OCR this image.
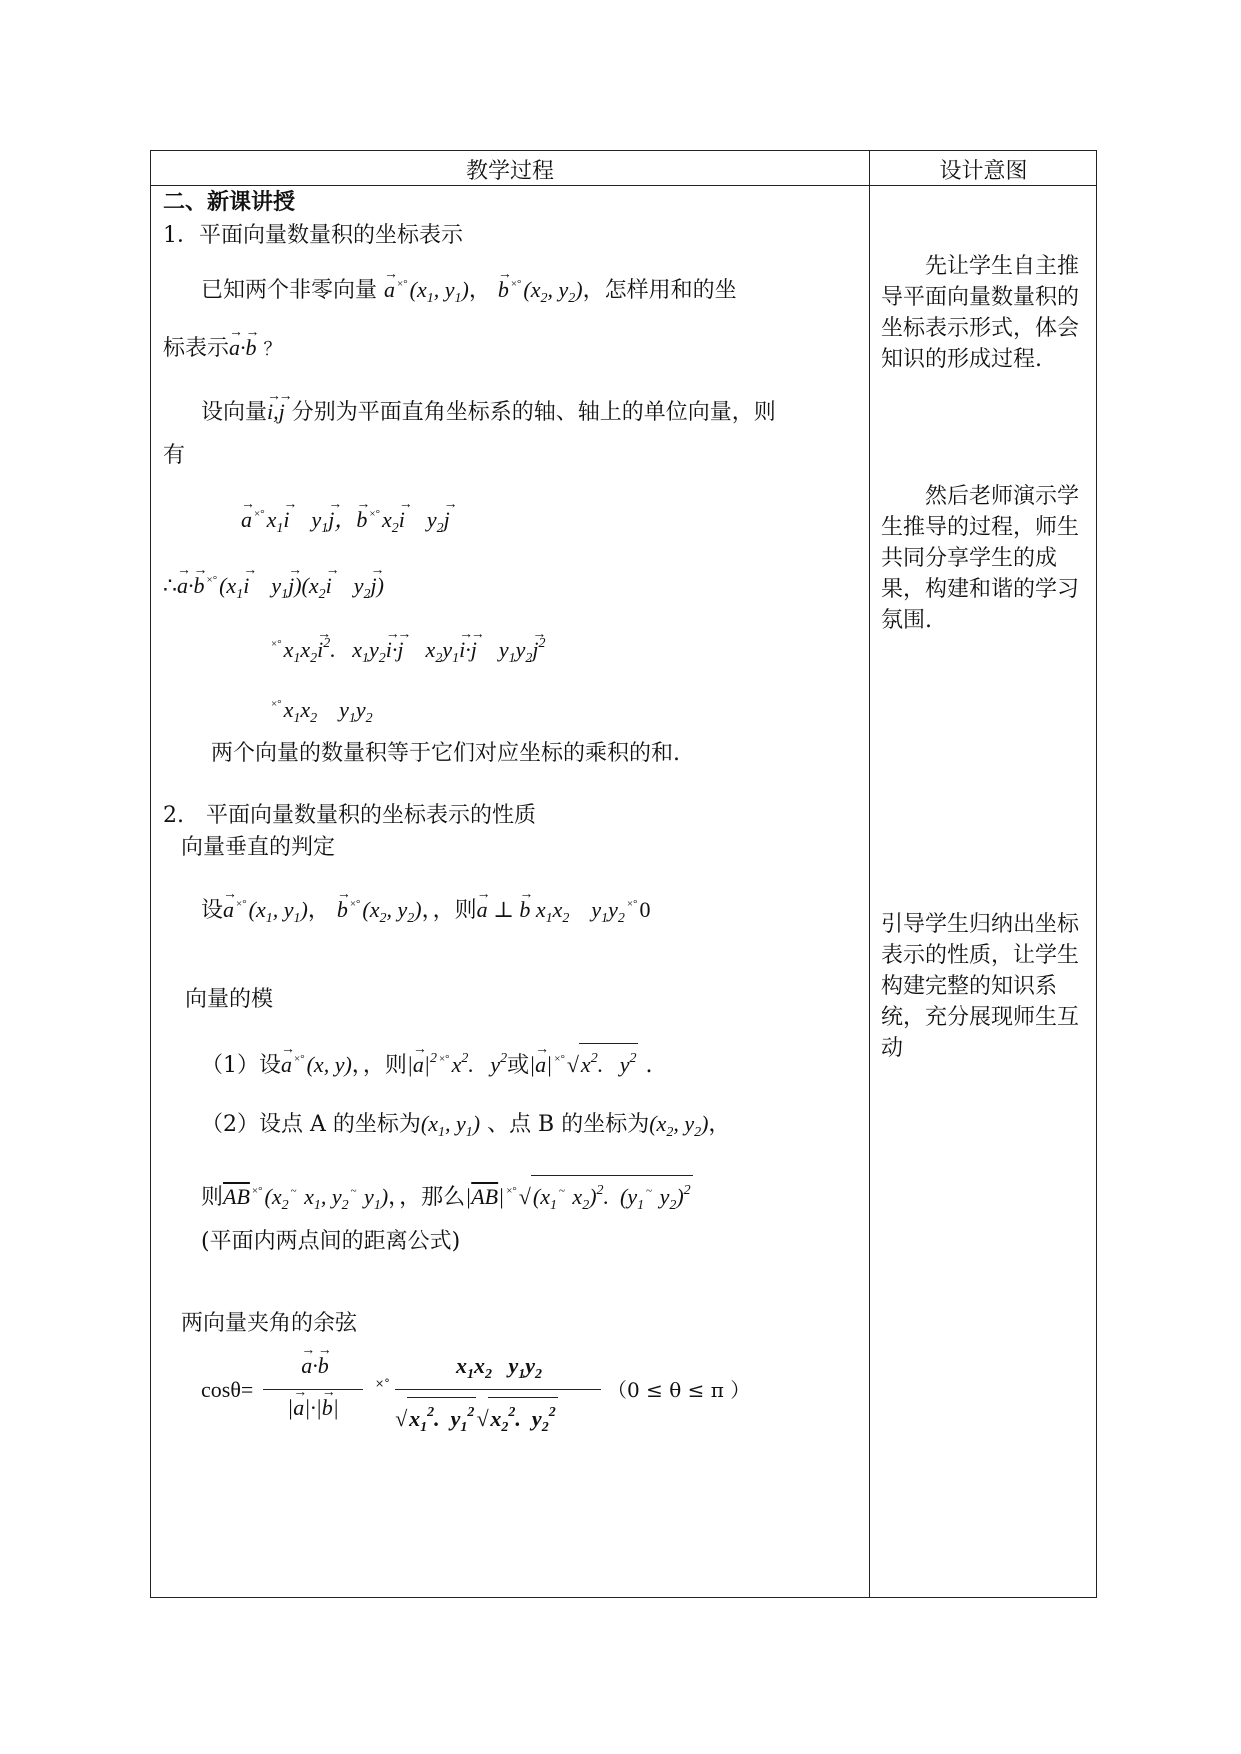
教学过程	设计意图
二、新课讲授
1．平面向量数量积的坐标表示
已知两个非零向量 → a $^{\times^\circ}(x_1$, $y_1$)， → b $^{\times^\circ}(x_2$, $y_2$)，怎样用和的坐
标表示→ a·→ b ？
设向量→ i,→ j 分别为平面直角坐标系的轴、轴上的单位向量，则
有
→ a $^{\times^\circ}x_1\to i$    $y_1\to j$，→ b $^{\times^\circ}x_2\to i$    $y_2\to j$
∴→ a·→ b $^{\times^\circ}(x_1\to i$    $y_1\to j)(x_2\to i$    $y_2\to j$)
$^{\times^\circ}x_1x_2\to i^2$.   $x_1y_2\to i\cdot\to j$    $x_2y_1\to i\cdot\to j$    $y_1y_2\to j^2$
$^{\times^\circ}x_1x_2$    $y_1y_2$
两个向量的数量积等于它们对应坐标的乘积的和.
2.　平面向量数量积的坐标表示的性质
向量垂直的判定
设→ a $^{\times^\circ}(x_1$, $y_1$)， → b $^{\times^\circ}(x_2$, $y_2$)，，则→ a ⊥ → b $x_1x_2$    $y_1y_2^{\times^\circ}0$
向量的模
（1）设→ a ×°(x, y)，，则|→ $a|^2$ $^{\times^\circ}x^2$.   $y^2$或|→ a| $^{\times^\circ}√x^2$.   $y^2$ .
（2）设点 A 的坐标为($x_1$, $y_1$) 、点 B 的坐标为($x_2$, $y_2$)，
则$\overline{AB}$ $^{\times^\circ}(x_2^\sim$ $x_1$, $y_2^\sim$ $y_1$)，，那么$|\overline{AB}|$ $^{\times^\circ}√(x_1^\sim$ $x_2)^2$.  ($y_1^\sim$ $y_2)^2$
(平面内两点间的距离公式)
两向量夹角的余弦
cosθ=
→ a·→ b
|→ a|·|→ b|
×°
$x_1x_2$   $y_1y_2$
$√x_1^2$.  $y_1^2√x_2^2$.  $y_2^2$
（0 ≤ θ ≤ π ）
先让学生自主推导平面向量数量积的坐标表示形式，体会知识的形成过程.
然后老师演示学生推导的过程，师生共同分享学生的成果，构建和谐的学习氛围.
引导学生归纳出坐标表示的性质，让学生构建完整的知识系统，充分展现师生互动
